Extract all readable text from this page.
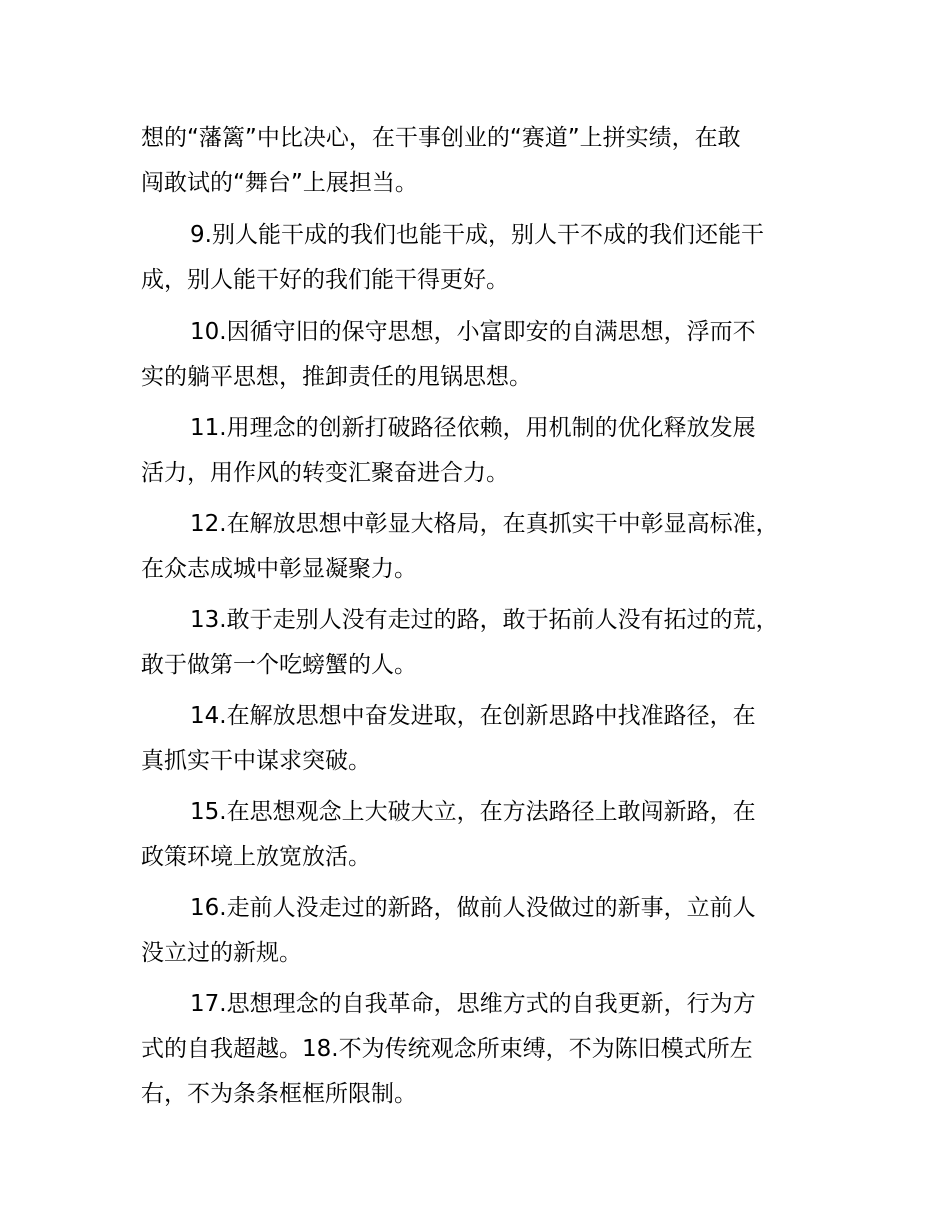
想的“藩篱”中比决心，在干事创业的“赛道”上拼实绩，在敢
闯敢试的“舞台”上展担当。
9.别人能干成的我们也能干成，别人干不成的我们还能干
成，别人能干好的我们能干得更好。
10.因循守旧的保守思想，小富即安的自满思想，浮而不
实的躺平思想，推卸责任的甩锅思想。
11.用理念的创新打破路径依赖，用机制的优化释放发展
活力，用作风的转变汇聚奋进合力。
12.在解放思想中彰显大格局，在真抓实干中彰显高标准，
在众志成城中彰显凝聚力。
13.敢于走别人没有走过的路，敢于拓前人没有拓过的荒，
敢于做第一个吃螃蟹的人。
14.在解放思想中奋发进取，在创新思路中找准路径，在
真抓实干中谋求突破。
15.在思想观念上大破大立，在方法路径上敢闯新路，在
政策环境上放宽放活。
16.走前人没走过的新路，做前人没做过的新事，立前人
没立过的新规。
17.思想理念的自我革命，思维方式的自我更新，行为方
式的自我超越。18.不为传统观念所束缚，不为陈旧模式所左
右，不为条条框框所限制。
